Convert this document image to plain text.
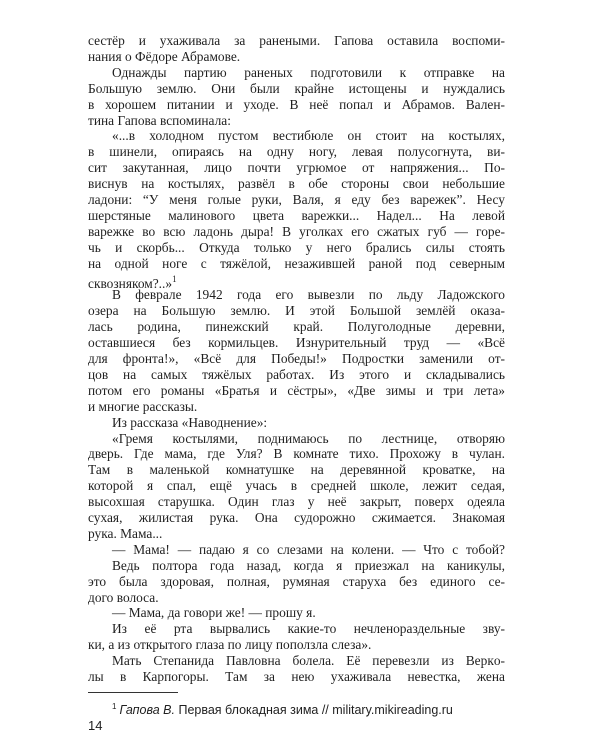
сестёр и ухаживала за ранеными. Гапова оставила воспоми-
нания о Фёдоре Абрамове.
Однажды партию раненых подготовили к отправке на
Большую землю. Они были крайне истощены и нуждались
в хорошем питании и уходе. В неё попал и Абрамов. Вален-
тина Гапова вспоминала:
«...в холодном пустом вестибюле он стоит на костылях,
в шинели, опираясь на одну ногу, левая полусогнута, ви-
сит закутанная, лицо почти угрюмое от напряжения... По-
виснув на костылях, развёл в обе стороны свои небольшие
ладони: “У меня голые руки, Валя, я еду без варежек”. Несу
шерстяные малинового цвета варежки... Надел... На левой
варежке во всю ладонь дыра! В уголках его сжатых губ — горе-
чь и скорбь... Откуда только у него брались силы стоять
на одной ноге с тяжёлой, незажившей раной под северным
сквозняком?..»$^1$
В феврале 1942 года его вывезли по льду Ладожского
озера на Большую землю. И этой Большой землёй оказа-
лась родина, пинежский край. Полуголодные деревни,
оставшиеся без кормильцев. Изнурительный труд — «Всё
для фронта!», «Всё для Победы!» Подростки заменили от-
цов на самых тяжёлых работах. Из этого и складывались
потом его романы «Братья и сёстры», «Две зимы и три лета»
и многие рассказы.
Из рассказа «Наводнение»:
«Гремя костылями, поднимаюсь по лестнице, отворяю
дверь. Где мама, где Уля? В комнате тихо. Прохожу в чулан.
Там в маленькой комнатушке на деревянной кроватке, на
которой я спал, ещё учась в средней школе, лежит седая,
высохшая старушка. Один глаз у неё закрыт, поверх одеяла
сухая, жилистая рука. Она судорожно сжимается. Знакомая
рука. Мама...
— Мама! — падаю я со слезами на колени. — Что с тобой?
Ведь полтора года назад, когда я приезжал на каникулы,
это была здоровая, полная, румяная старуха без единого се-
дого волоса.
— Мама, да говори же! — прошу я.
Из её рта вырвались какие-то нечленораздельные зву-
ки, а из открытого глаза по лицу поползла слеза».
Мать Степанида Павловна болела. Её перевезли из Веркo-
лы в Карпогоры. Там за нею ухаживала невестка, жена
$^1$ Гапова В. Первая блокадная зима // military.mikireading.ru
14
